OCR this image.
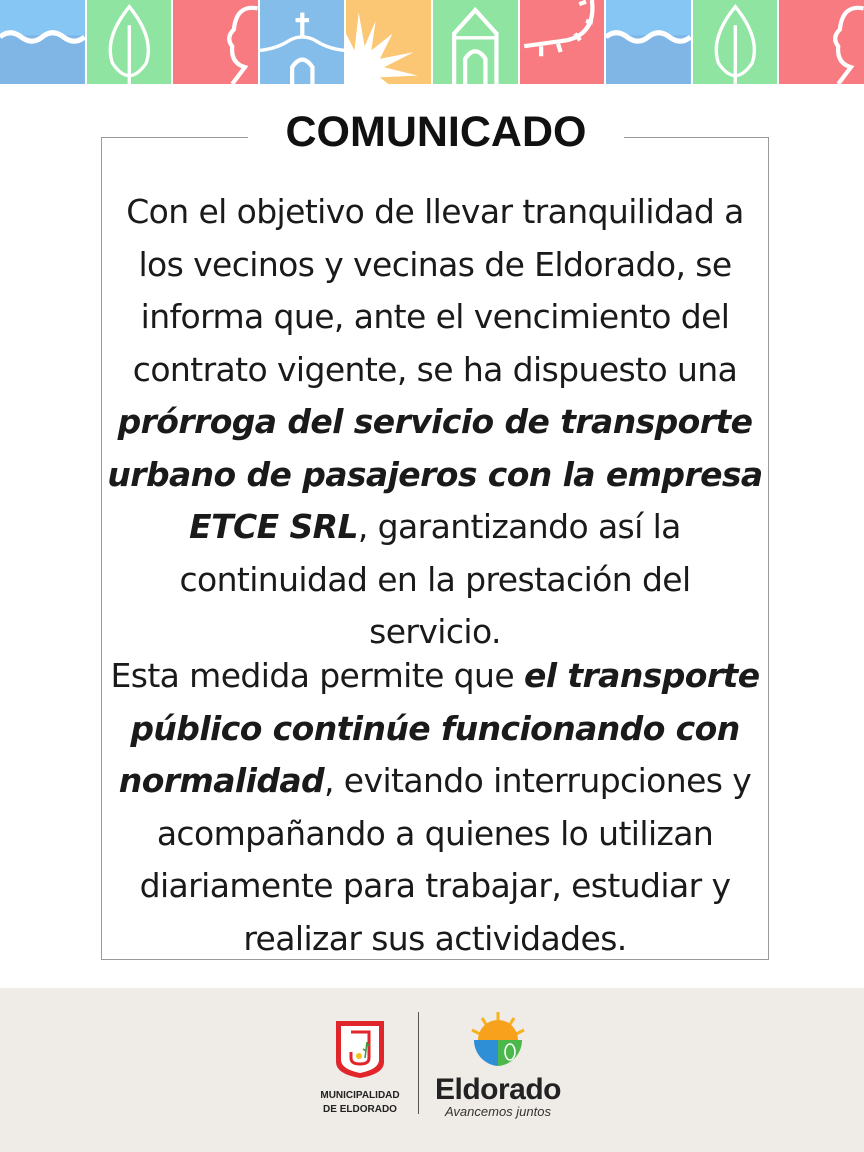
COMUNICADO
Con el objetivo de llevar tranquilidad a
los vecinos y vecinas de Eldorado, se
informa que, ante el vencimiento del
contrato vigente, se ha dispuesto una
prórroga del servicio de transporte
urbano de pasajeros con la empresa
ETCE SRL, garantizando así la
continuidad en la prestación del
servicio.
Esta medida permite que el transporte
público continúe funcionando con
normalidad, evitando interrupciones y
acompañando a quienes lo utilizan
diariamente para trabajar, estudiar y
realizar sus actividades.
MUNICIPALIDAD
DE ELDORADO
Eldorado
Avancemos juntos
